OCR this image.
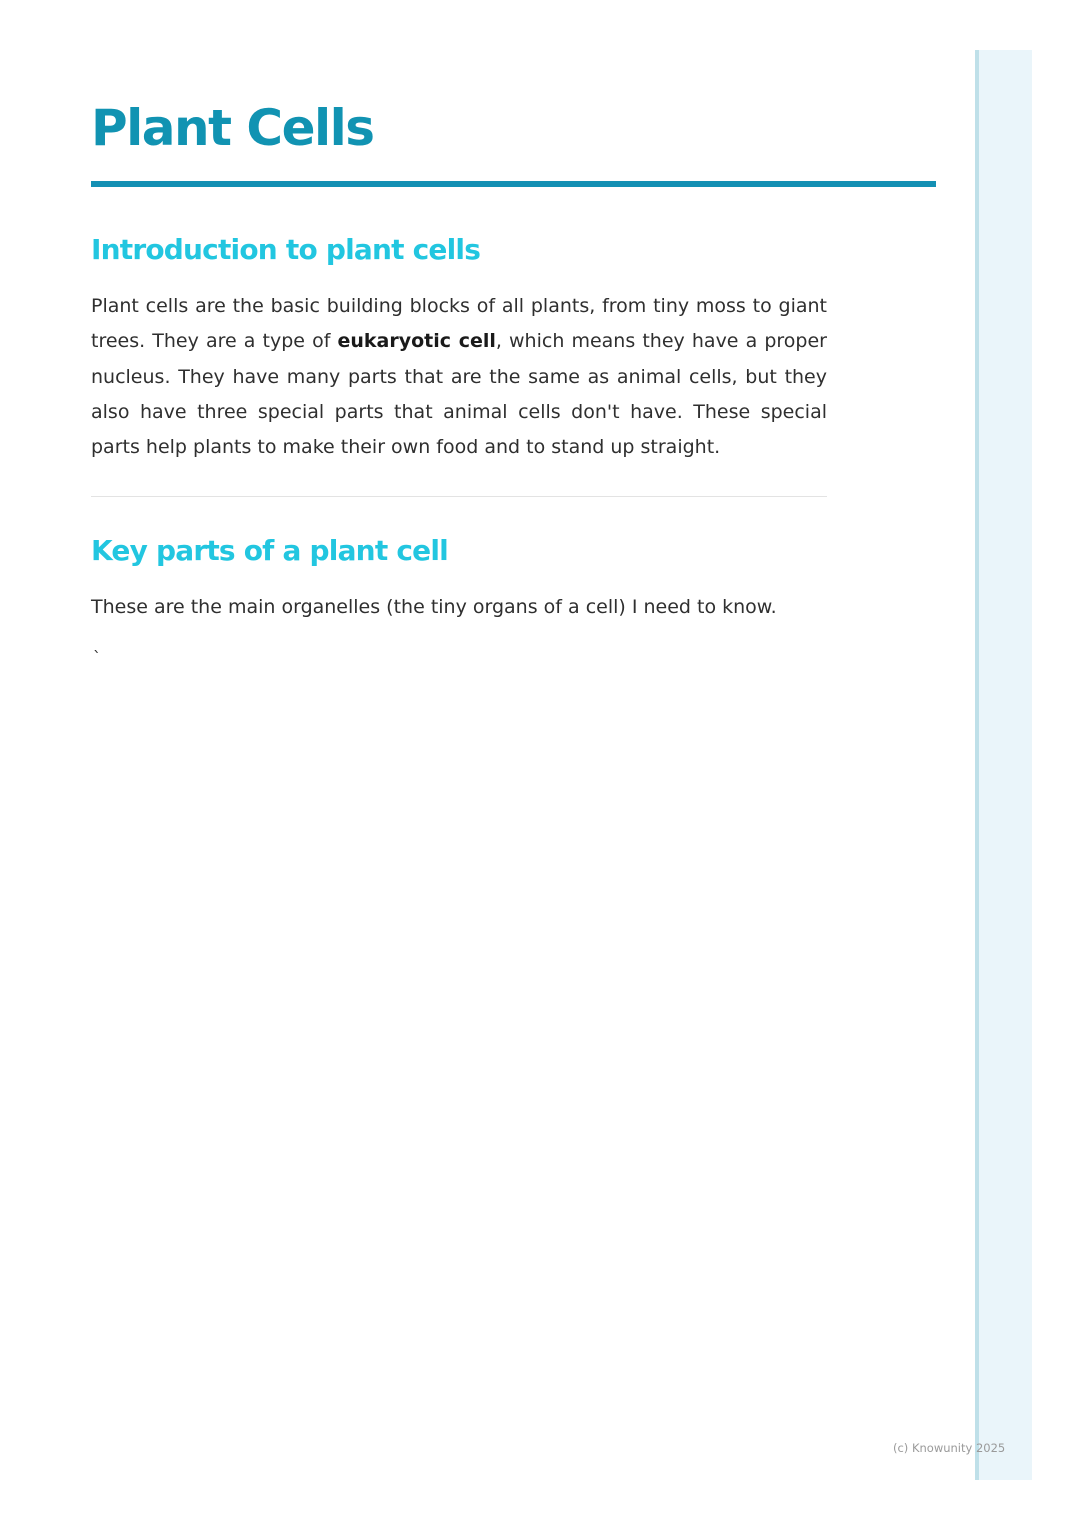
Plant Cells
Introduction to plant cells

Plant cells are the basic building blocks of all plants, from tiny moss to giant trees. They are a type of eukaryotic cell, which means they have a proper nucleus. They have many parts that are the same as animal cells, but they also have three special parts that animal cells don't have. These special parts help plants to make their own food and to stand up straight.

Key parts of a plant cell

These are the main organelles (the tiny organs of a cell) I need to know.

`
(c) Knowunity 2025
